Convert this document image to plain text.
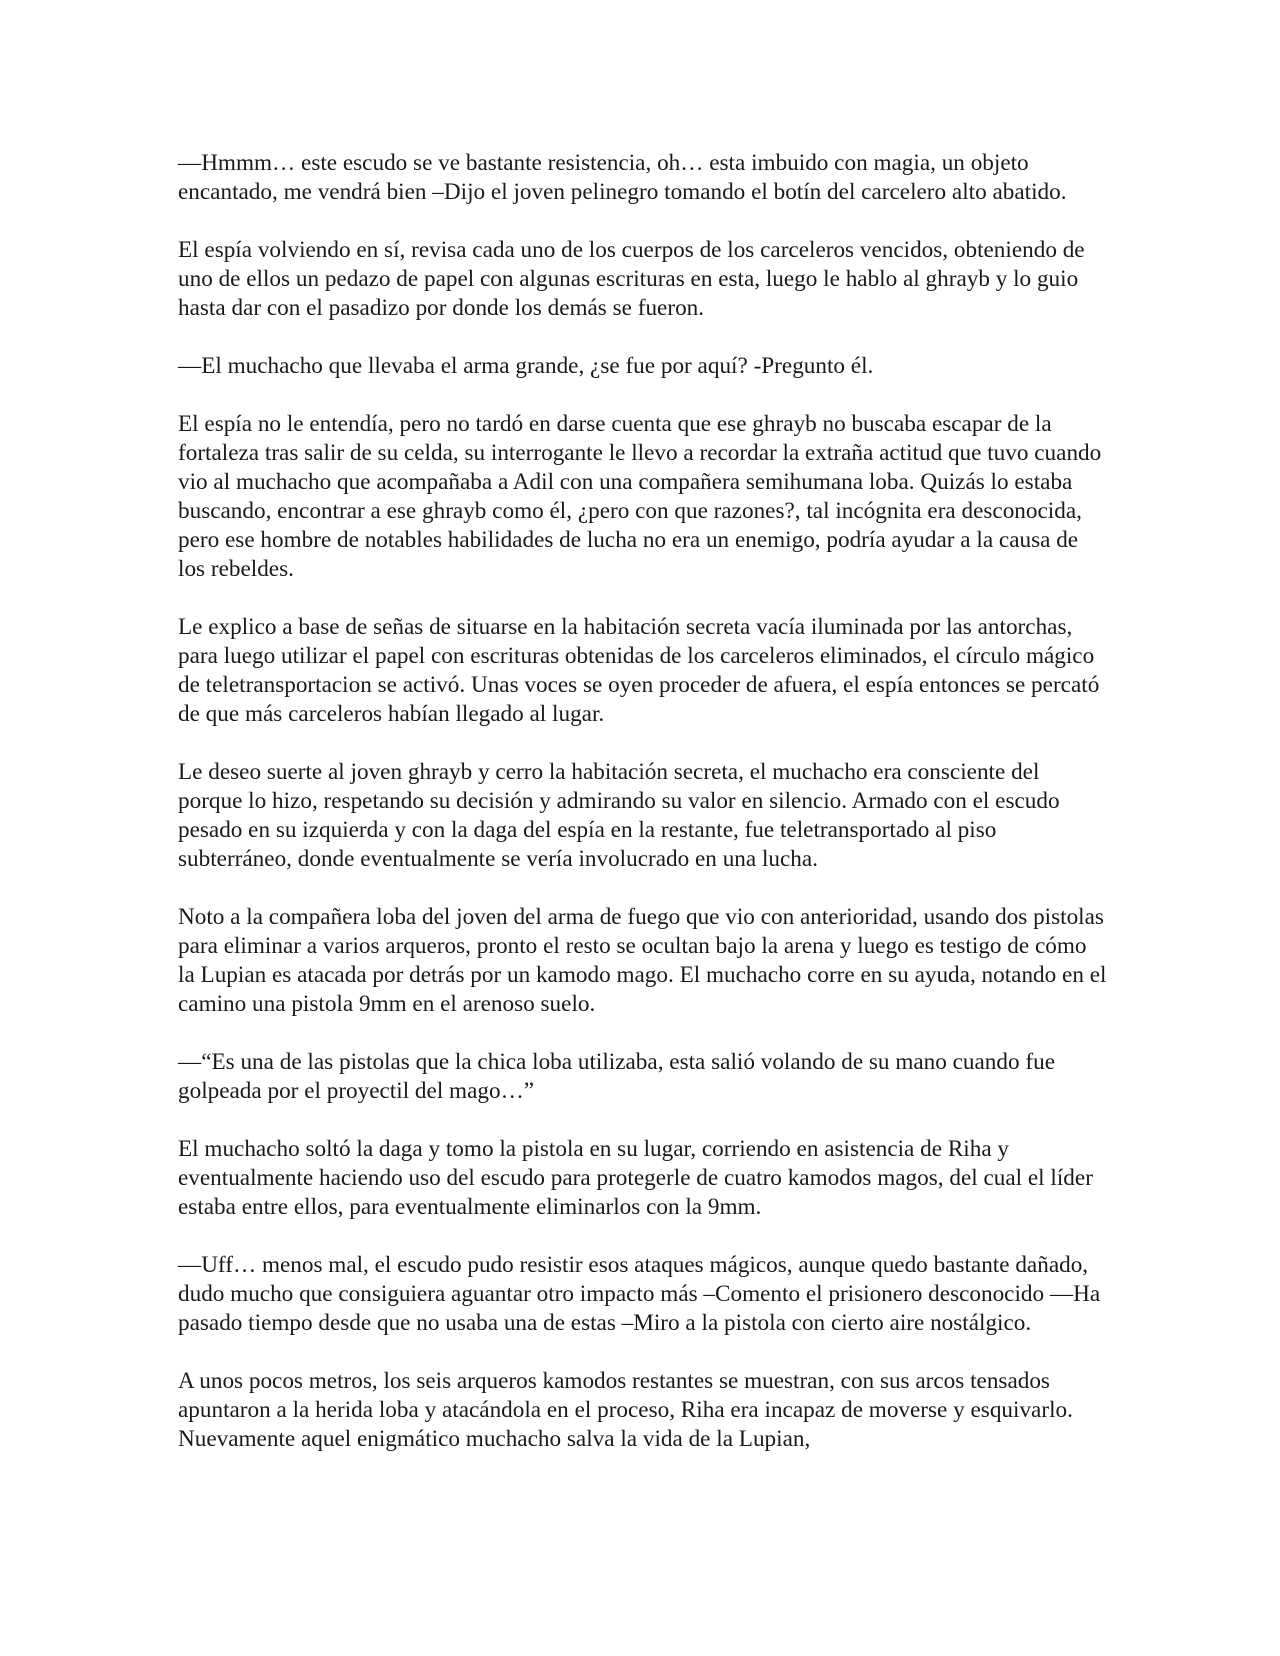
—Hmmm… este escudo se ve bastante resistencia, oh… esta imbuido con magia, un objeto encantado, me vendrá bien –Dijo el joven pelinegro tomando el botín del carcelero alto abatido.

El espía volviendo en sí, revisa cada uno de los cuerpos de los carceleros vencidos, obteniendo de uno de ellos un pedazo de papel con algunas escrituras en esta, luego le hablo al ghrayb y lo guio hasta dar con el pasadizo por donde los demás se fueron.

—El muchacho que llevaba el arma grande, ¿se fue por aquí? -Pregunto él.

El espía no le entendía, pero no tardó en darse cuenta que ese ghrayb no buscaba escapar de la fortaleza tras salir de su celda, su interrogante le llevo a recordar la extraña actitud que tuvo cuando vio al muchacho que acompañaba a Adil con una compañera semihumana loba. Quizás lo estaba buscando, encontrar a ese ghrayb como él, ¿pero con que razones?, tal incógnita era desconocida, pero ese hombre de notables habilidades de lucha no era un enemigo, podría ayudar a la causa de los rebeldes.

Le explico a base de señas de situarse en la habitación secreta vacía iluminada por las antorchas, para luego utilizar el papel con escrituras obtenidas de los carceleros eliminados, el círculo mágico de teletransportacion se activó. Unas voces se oyen proceder de afuera, el espía entonces se percató de que más carceleros habían llegado al lugar.

Le deseo suerte al joven ghrayb y cerro la habitación secreta, el muchacho era consciente del porque lo hizo, respetando su decisión y admirando su valor en silencio. Armado con el escudo pesado en su izquierda y con la daga del espía en la restante, fue teletransportado al piso subterráneo, donde eventualmente se vería involucrado en una lucha.

Noto a la compañera loba del joven del arma de fuego que vio con anterioridad, usando dos pistolas para eliminar a varios arqueros, pronto el resto se ocultan bajo la arena y luego es testigo de cómo la Lupian es atacada por detrás por un kamodo mago. El muchacho corre en su ayuda, notando en el camino una pistola 9mm en el arenoso suelo.

—“Es una de las pistolas que la chica loba utilizaba, esta salió volando de su mano cuando fue golpeada por el proyectil del mago…”

El muchacho soltó la daga y tomo la pistola en su lugar, corriendo en asistencia de Riha y eventualmente haciendo uso del escudo para protegerle de cuatro kamodos magos, del cual el líder estaba entre ellos, para eventualmente eliminarlos con la 9mm.

—Uff… menos mal, el escudo pudo resistir esos ataques mágicos, aunque quedo bastante dañado, dudo mucho que consiguiera aguantar otro impacto más –Comento el prisionero desconocido —Ha pasado tiempo desde que no usaba una de estas –Miro a la pistola con cierto aire nostálgico.

A unos pocos metros, los seis arqueros kamodos restantes se muestran, con sus arcos tensados apuntaron a la herida loba y atacándola en el proceso, Riha era incapaz de moverse y esquivarlo. Nuevamente aquel enigmático muchacho salva la vida de la Lupian,
